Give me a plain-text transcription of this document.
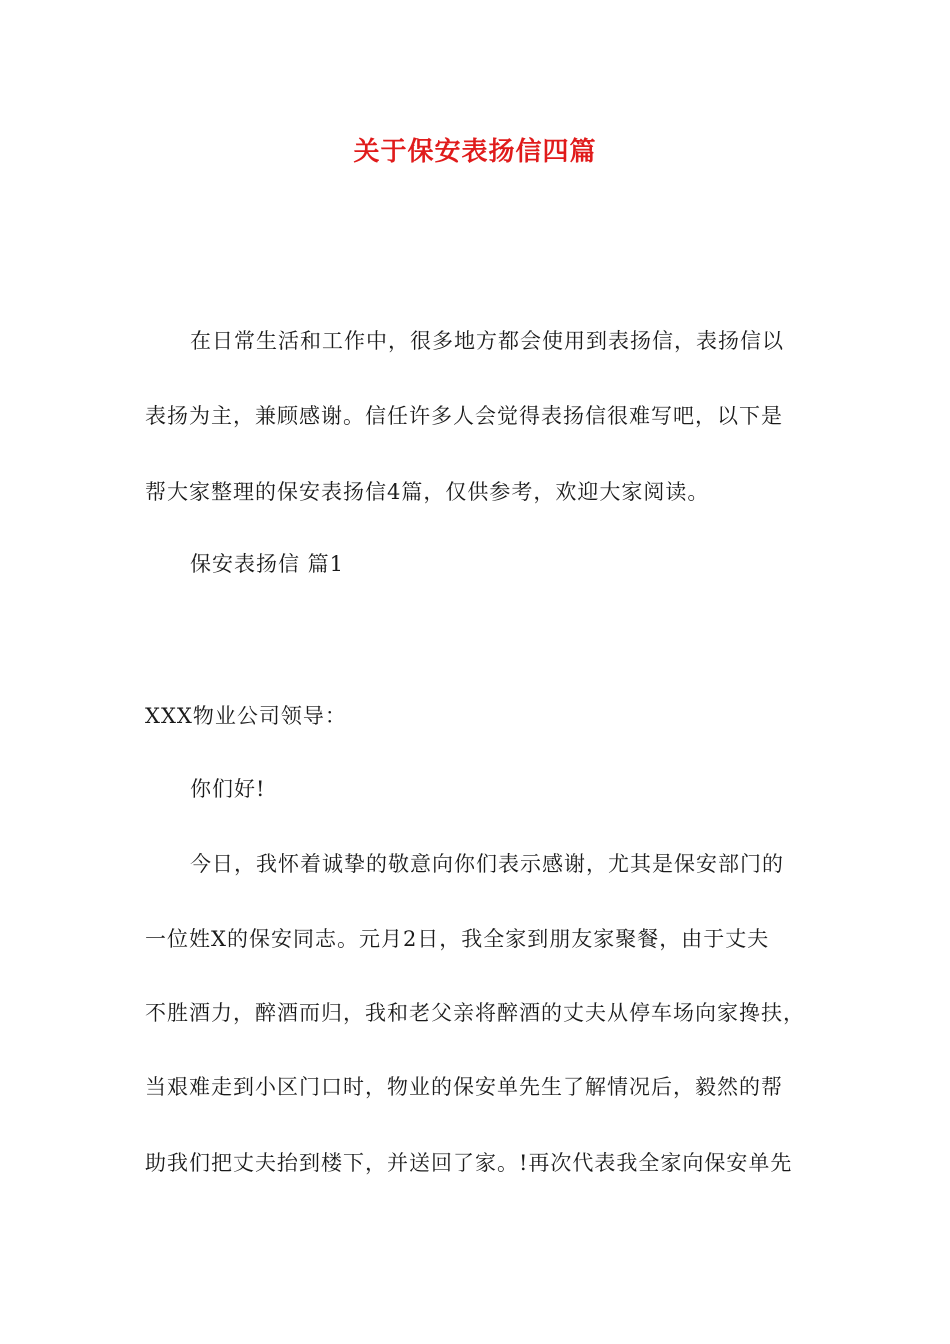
关于保安表扬信四篇
在日常生活和工作中，很多地方都会使用到表扬信，表扬信以
表扬为主，兼顾感谢。信任许多人会觉得表扬信很难写吧，以下是
帮大家整理的保安表扬信4篇，仅供参考，欢迎大家阅读。
保安表扬信 篇1
XXX物业公司领导：
你们好!
今日，我怀着诚挚的敬意向你们表示感谢，尤其是保安部门的
一位姓X的保安同志。元月2日，我全家到朋友家聚餐，由于丈夫
不胜酒力，醉酒而归，我和老父亲将醉酒的丈夫从停车场向家搀扶，
当艰难走到小区门口时，物业的保安单先生了解情况后，毅然的帮
助我们把丈夫抬到楼下，并送回了家。!再次代表我全家向保安单先
